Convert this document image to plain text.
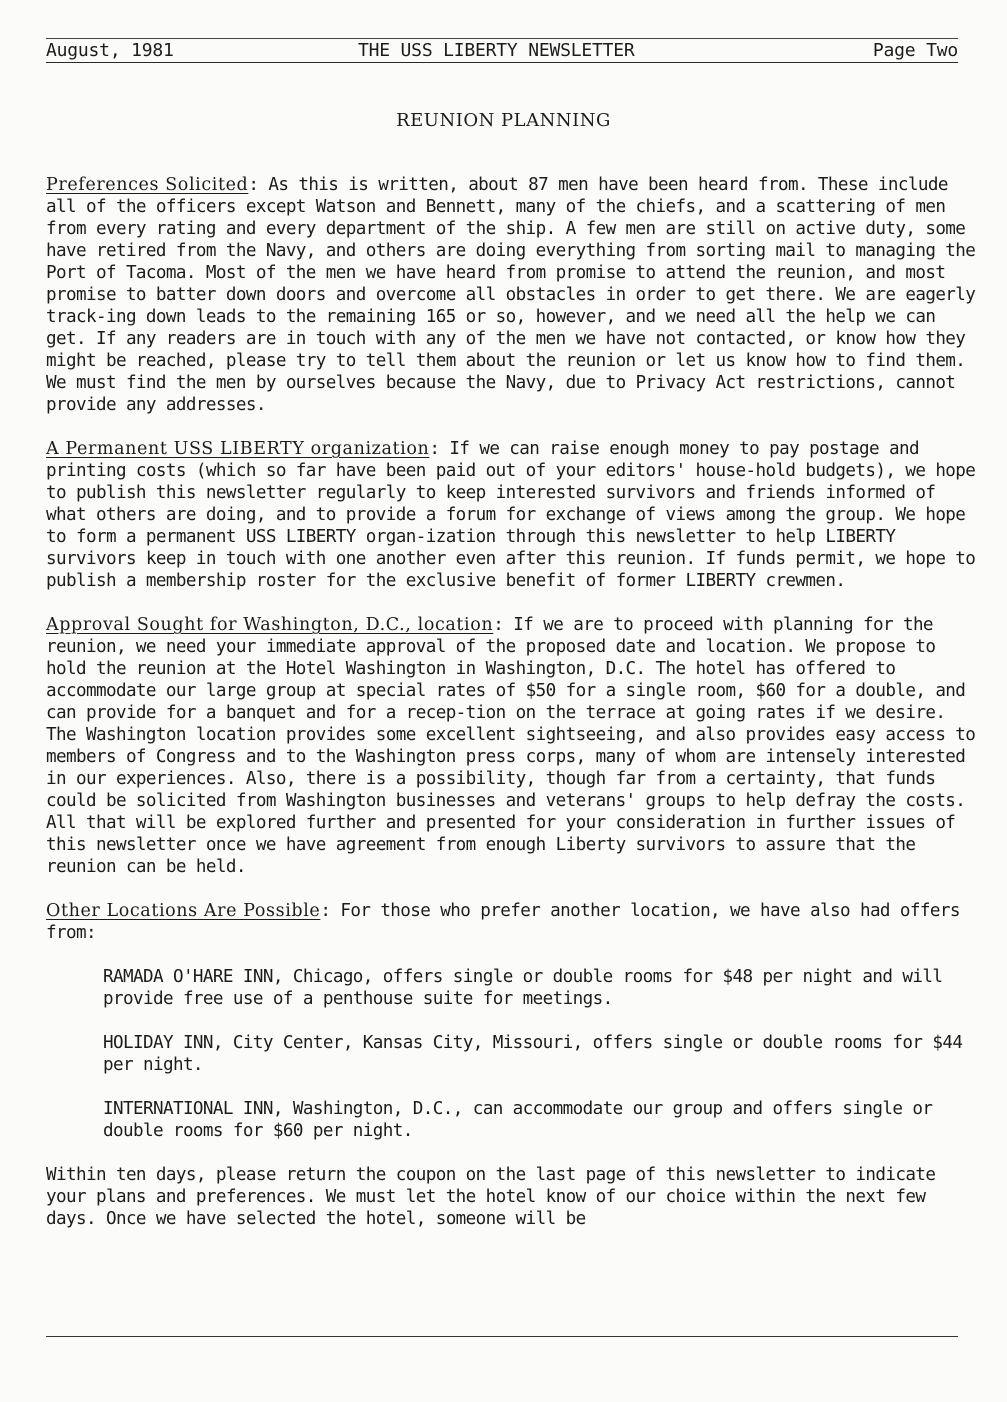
August, 1981	THE USS LIBERTY NEWSLETTER	Page Two
REUNION PLANNING

Preferences Solicited: As this is written, about 87 men have been heard from. These include all of the officers except Watson and Bennett, many of the chiefs, and a scattering of men from every rating and every department of the ship. A few men are still on active duty, some have retired from the Navy, and others are doing everything from sorting mail to managing the Port of Tacoma. Most of the men we have heard from promise to attend the reunion, and most promise to batter down doors and overcome all obstacles in order to get there. We are eagerly track-ing down leads to the remaining 165 or so, however, and we need all the help we can get. If any readers are in touch with any of the men we have not contacted, or know how they might be reached, please try to tell them about the reunion or let us know how to find them. We must find the men by ourselves because the Navy, due to Privacy Act restrictions, cannot provide any addresses.

A Permanent USS LIBERTY organization: If we can raise enough money to pay postage and printing costs (which so far have been paid out of your editors' house-hold budgets), we hope to publish this newsletter regularly to keep interested survivors and friends informed of what others are doing, and to provide a forum for exchange of views among the group. We hope to form a permanent USS LIBERTY organ-ization through this newsletter to help LIBERTY survivors keep in touch with one another even after this reunion. If funds permit, we hope to publish a membership roster for the exclusive benefit of former LIBERTY crewmen.

Approval Sought for Washington, D.C., location: If we are to proceed with planning for the reunion, we need your immediate approval of the proposed date and location. We propose to hold the reunion at the Hotel Washington in Washington, D.C. The hotel has offered to accommodate our large group at special rates of $50 for a single room, $60 for a double, and can provide for a banquet and for a recep-tion on the terrace at going rates if we desire. The Washington location provides some excellent sightseeing, and also provides easy access to members of Congress and to the Washington press corps, many of whom are intensely interested in our experiences. Also, there is a possibility, though far from a certainty, that funds could be solicited from Washington businesses and veterans' groups to help defray the costs. All that will be explored further and presented for your consideration in further issues of this newsletter once we have agreement from enough Liberty survivors to assure that the reunion can be held.

Other Locations Are Possible: For those who prefer another location, we have also had offers from:

RAMADA O'HARE INN, Chicago, offers single or double rooms for $48 per night and will provide free use of a penthouse suite for meetings.

HOLIDAY INN, City Center, Kansas City, Missouri, offers single or double rooms for $44 per night.

INTERNATIONAL INN, Washington, D.C., can accommodate our group and offers single or double rooms for $60 per night.

Within ten days, please return the coupon on the last page of this newsletter to indicate your plans and preferences. We must let the hotel know of our choice within the next few days. Once we have selected the hotel, someone will be
